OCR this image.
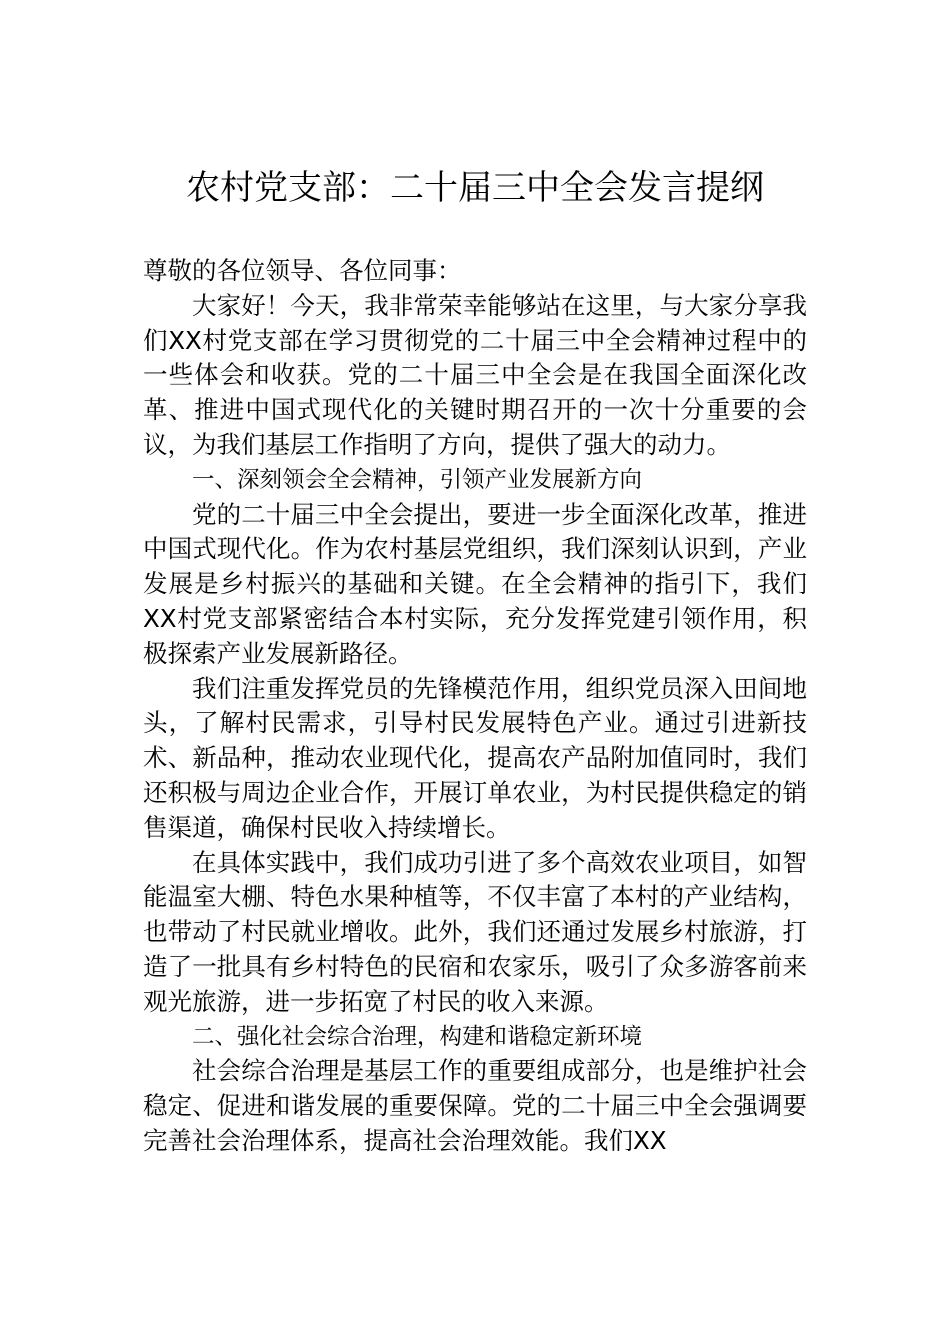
农村党支部：二十届三中全会发言提纲

尊敬的各位领导、各位同事：

大家好！今天，我非常荣幸能够站在这里，与大家分享我们XX村党支部在学习贯彻党的二十届三中全会精神过程中的一些体会和收获。党的二十届三中全会是在我国全面深化改革、推进中国式现代化的关键时期召开的一次十分重要的会议，为我们基层工作指明了方向，提供了强大的动力。

一、深刻领会全会精神，引领产业发展新方向

党的二十届三中全会提出，要进一步全面深化改革，推进中国式现代化。作为农村基层党组织，我们深刻认识到，产业发展是乡村振兴的基础和关键。在全会精神的指引下，我们XX村党支部紧密结合本村实际，充分发挥党建引领作用，积极探索产业发展新路径。

我们注重发挥党员的先锋模范作用，组织党员深入田间地头，了解村民需求，引导村民发展特色产业。通过引进新技术、新品种，推动农业现代化，提高农产品附加值同时，我们还积极与周边企业合作，开展订单农业，为村民提供稳定的销售渠道，确保村民收入持续增长。

在具体实践中，我们成功引进了多个高效农业项目，如智能温室大棚、特色水果种植等，不仅丰富了本村的产业结构，也带动了村民就业增收。此外，我们还通过发展乡村旅游，打造了一批具有乡村特色的民宿和农家乐，吸引了众多游客前来观光旅游，进一步拓宽了村民的收入来源。

二、强化社会综合治理，构建和谐稳定新环境

社会综合治理是基层工作的重要组成部分，也是维护社会稳定、促进和谐发展的重要保障。党的二十届三中全会强调要完善社会治理体系，提高社会治理效能。我们XX
